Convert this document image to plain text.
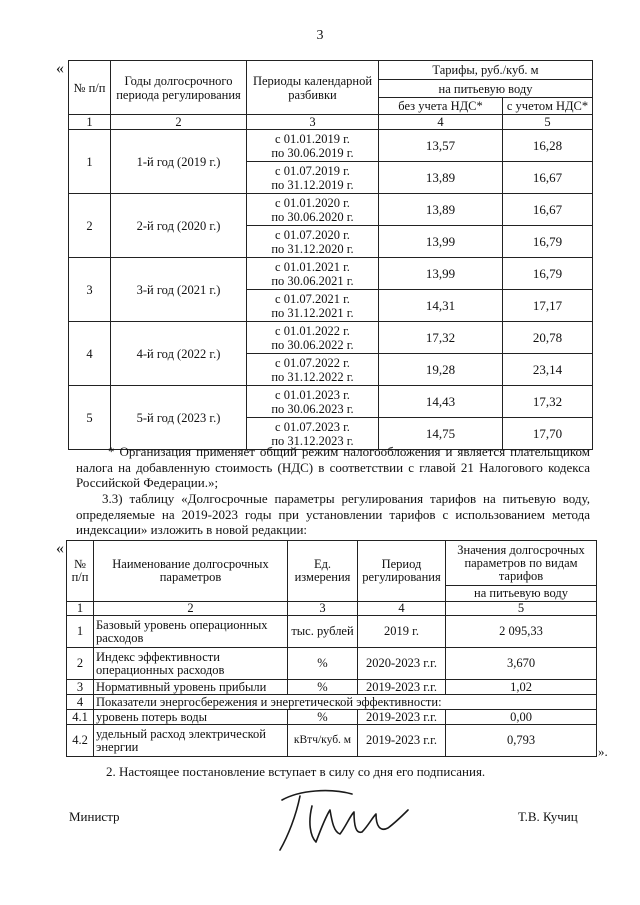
3
«
№ п/п	Годы долгосрочного периода регулирования	Периоды календарной разбивки	Тарифы, руб./куб. м	
			на питьевую воду	
			без учета НДС*	с учетом НДС*
1	2	3	4	5
1	1-й год (2019 г.)	с 01.01.2019 г.
по 30.06.2019 г.	13,57	16,28
		с 01.07.2019 г.
по 31.12.2019 г.	13,89	16,67
2	2-й год (2020 г.)	с 01.01.2020 г.
по 30.06.2020 г.	13,89	16,67
		с 01.07.2020 г.
по 31.12.2020 г.	13,99	16,79
3	3-й год (2021 г.)	с 01.01.2021 г.
по 30.06.2021 г.	13,99	16,79
		с 01.07.2021 г.
по 31.12.2021 г.	14,31	17,17
4	4-й год (2022 г.)	с 01.01.2022 г.
по 30.06.2022 г.	17,32	20,78
		с 01.07.2022 г.
по 31.12.2022 г.	19,28	23,14
5	5-й год (2023 г.)	с 01.01.2023 г.
по 30.06.2023 г.	14,43	17,32
		с 01.07.2023 г.
по 31.12.2023 г.	14,75	17,70
* Организация применяет общий режим налогообложения и является плательщиком налога на добавленную стоимость (НДС) в соответствии с главой 21 Налогового кодекса Российской Федерации.»;
3.3) таблицу «Долгосрочные параметры регулирования тарифов на питьевую воду, определяемые на 2019-2023 годы при установлении тарифов с использованием метода индексации» изложить в новой редакции:
«
№ п/п	Наименование долгосрочных параметров	Ед. измерения	Период регулирования	Значения долгосрочных параметров по видам тарифов
				на питьевую воду
1	2	3	4	5
1	Базовый уровень операционных расходов	тыс. рублей	2019 г.	2 095,33
2	Индекс эффективности операционных расходов	%	2020-2023 г.г.	3,670
3	Нормативный уровень прибыли	%	2019-2023 г.г.	1,02
4	Показатели энергосбережения и энергетической эффективности:			
4.1	уровень потерь воды	%	2019-2023 г.г.	0,00
4.2	удельный расход электрической энергии	кВтч/куб. м	2019-2023 г.г.	0,793
».
2. Настоящее постановление вступает в силу со дня его подписания.
Министр	Т.В. Кучиц
